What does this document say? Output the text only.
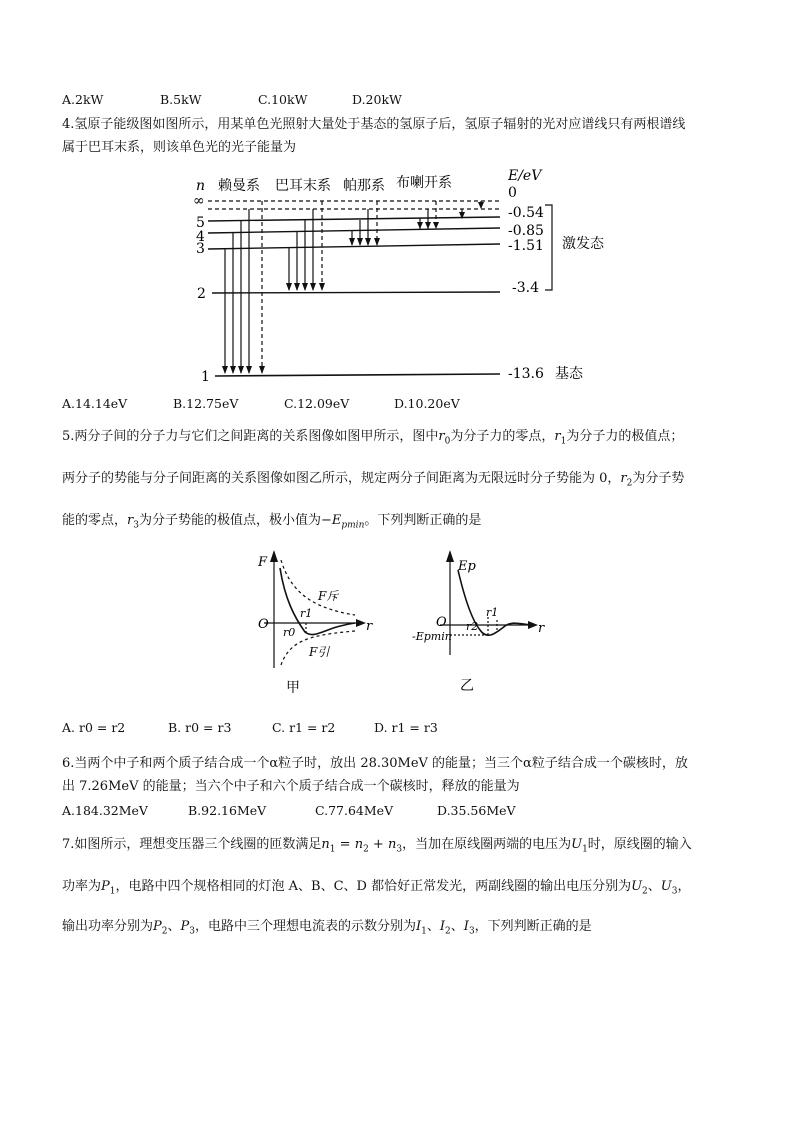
A.2kW	B.5kW	C.10kW	D.20kW
4.氢原子能级图如图所示，用某单色光照射大量处于基态的氢原子后，氢原子辐射的光对应谱线只有两根谱线
属于巴耳末系，则该单色光的光子能量为
n
∞
5
4
3
2
1
赖曼系 巴耳末系 帕那系 布喇开系	E/eV
0
-0.54
-0.85
-1.51
-3.4
-13.6 基态
激发态
A.14.14eV	B.12.75eV	C.12.09eV	D.10.20eV
5.两分子间的分子力与它们之间距离的关系图像如图甲所示，图中$r_0$为分子力的零点，$r_1$为分子力的极值点；
两分子的势能与分子间距离的关系图像如图乙所示，规定两分子间距离为无限远时分子势能为 0，$r_2$为分子势
能的零点，$r_3$为分子势能的极值点，极小值为$-E_{pmin}$。下列判断正确的是
F
r
O
F斥
F引
r1
r0
甲
Ep
r
O
r1
r2
-Epmin
乙
A. r0 = r2	B. r0 = r3	C. r1 = r2	D. r1 = r3
6.当两个中子和两个质子结合成一个α粒子时，放出 28.30MeV 的能量；当三个α粒子结合成一个碳核时，放
出 7.26MeV 的能量；当六个中子和六个质子结合成一个碳核时，释放的能量为
A.184.32MeV	B.92.16MeV	C.77.64MeV	D.35.56MeV
7.如图所示，理想变压器三个线圈的匝数满足$n_1 = n_2 + n_3$，当加在原线圈两端的电压为$U_1$时，原线圈的输入
功率为$P_1$，电路中四个规格相同的灯泡 A、B、C、D 都恰好正常发光，两副线圈的输出电压分别为$U_2$、$U_3$，
输出功率分别为$P_2$、$P_3$，电路中三个理想电流表的示数分别为$I_1$、$I_2$、$I_3$，下列判断正确的是
